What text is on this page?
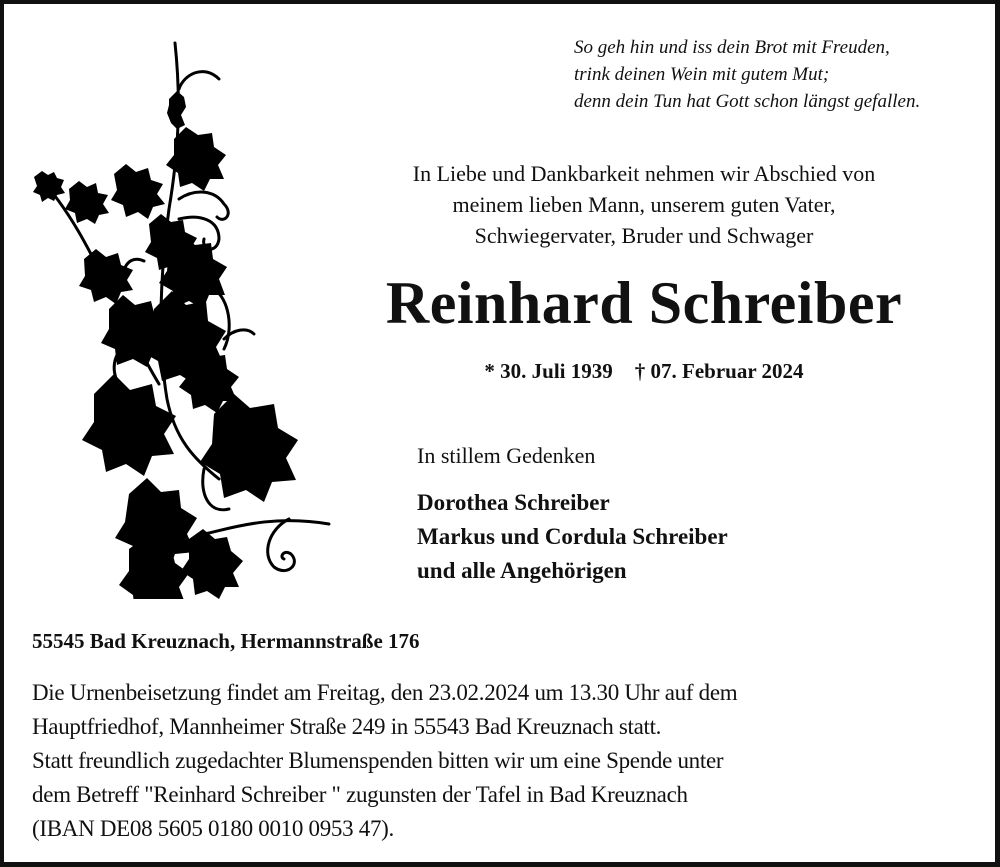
So geh hin und iss dein Brot mit Freuden,
trink deinen Wein mit gutem Mut;
denn dein Tun hat Gott schon längst gefallen.
In Liebe und Dankbarkeit nehmen wir Abschied von
meinem lieben Mann, unserem guten Vater,
Schwiegervater, Bruder und Schwager
Reinhard Schreiber
* 30. Juli 1939 † 07. Februar 2024
In stillem Gedenken
Dorothea Schreiber
Markus und Cordula Schreiber
und alle Angehörigen
55545 Bad Kreuznach, Hermannstraße 176
Die Urnenbeisetzung findet am Freitag, den 23.02.2024 um 13.30 Uhr auf dem
Hauptfriedhof, Mannheimer Straße 249 in 55543 Bad Kreuznach statt.
Statt freundlich zugedachter Blumenspenden bitten wir um eine Spende unter
dem Betreff "Reinhard Schreiber " zugunsten der Tafel in Bad Kreuznach
(IBAN DE08 5605 0180 0010 0953 47).
